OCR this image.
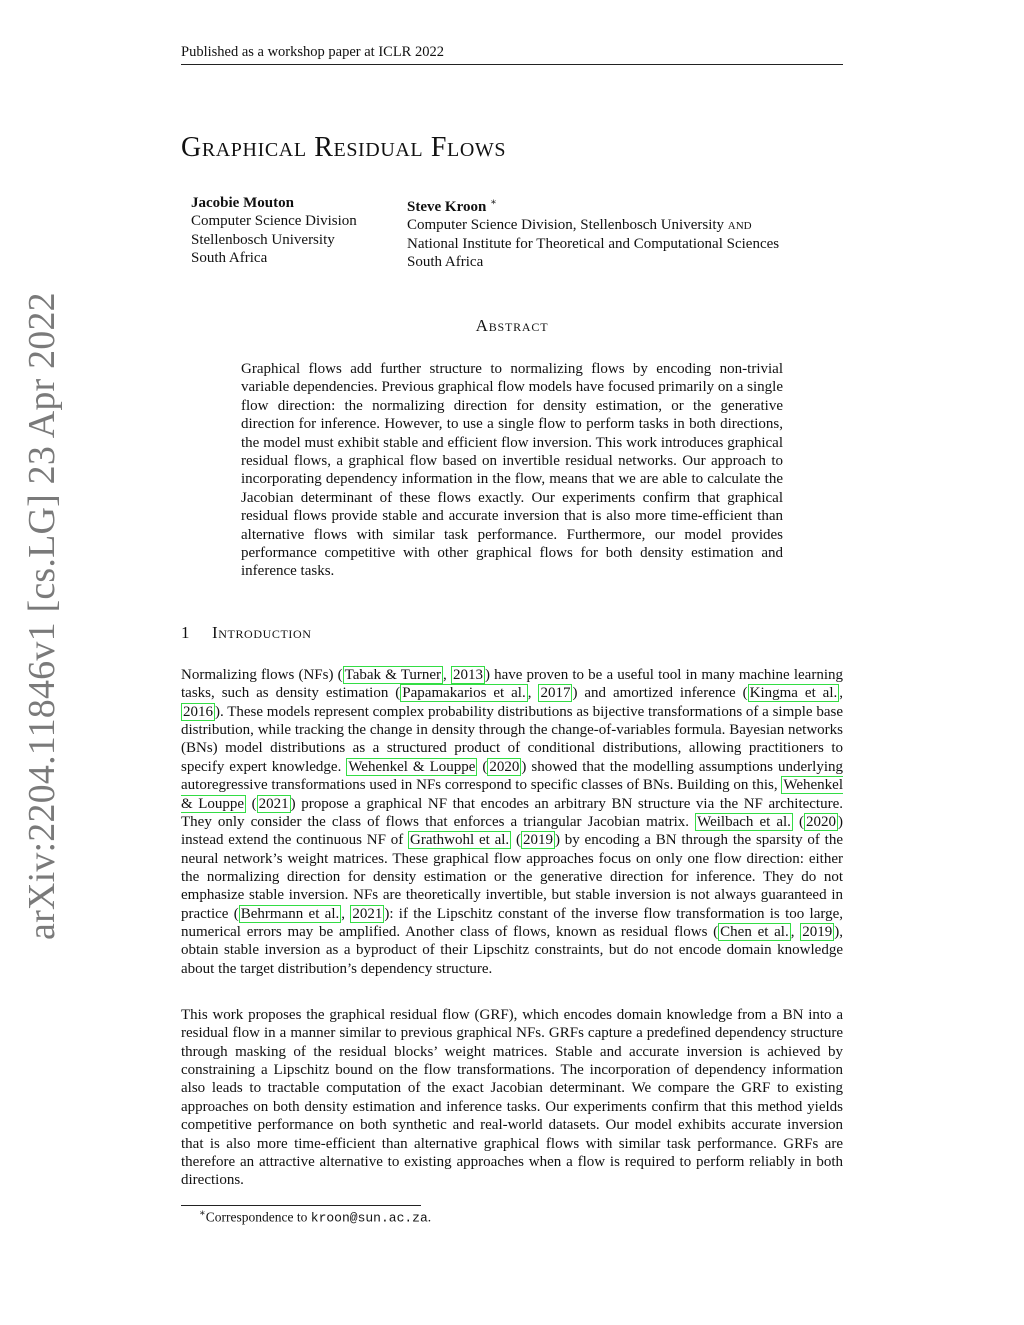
Published as a workshop paper at ICLR 2022
arXiv:2204.11846v1 [cs.LG] 23 Apr 2022
Graphical Residual Flows
Jacobie Mouton
Computer Science Division
Stellenbosch University
South Africa
Steve Kroon ∗
Computer Science Division, Stellenbosch University and
National Institute for Theoretical and Computational Sciences
South Africa
Abstract

Graphical flows add further structure to normalizing flows by encoding non-trivial variable dependencies. Previous graphical flow models have focused primarily on a single flow direction: the normalizing direction for density estimation, or the generative direction for inference. However, to use a single flow to perform tasks in both directions, the model must exhibit stable and efficient flow inversion. This work introduces graphical residual flows, a graphical flow based on invertible residual networks. Our approach to incorporating dependency information in the flow, means that we are able to calculate the Jacobian determinant of these flows exactly. Our experiments confirm that graphical residual flows provide stable and accurate inversion that is also more time-efficient than alternative flows with similar task performance. Furthermore, our model provides performance competitive with other graphical flows for both density estimation and inference tasks.

1 Introduction

Normalizing flows (NFs) ( Tabak & Turner , 2013 ) have proven to be a useful tool in many machine learning tasks, such as density estimation ( Papamakarios et al. , 2017 ) and amortized inference ( Kingma et al. , 2016 ). These models represent complex probability distributions as bijective transformations of a simple base distribution, while tracking the change in density through the change-of-variables formula. Bayesian networks (BNs) model distributions as a structured product of conditional distributions, allowing practitioners to specify expert knowledge. Wehenkel & Louppe ( 2020 ) showed that the modelling assumptions underlying autoregressive transformations used in NFs correspond to specific classes of BNs. Building on this, Wehenkel & Louppe ( 2021 ) propose a graphical NF that encodes an arbitrary BN structure via the NF architecture. They only consider the class of flows that enforces a triangular Jacobian matrix. Weilbach et al. ( 2020 ) instead extend the continuous NF of Grathwohl et al. ( 2019 ) by encoding a BN through the sparsity of the neural network’s weight matrices. These graphical flow approaches focus on only one flow direction: either the normalizing direction for density estimation or the generative direction for inference. They do not emphasize stable inversion. NFs are theoretically invertible, but stable inversion is not always guaranteed in practice ( Behrmann et al. , 2021 ): if the Lipschitz constant of the inverse flow transformation is too large, numerical errors may be amplified. Another class of flows, known as residual flows ( Chen et al. , 2019 ), obtain stable inversion as a byproduct of their Lipschitz constraints, but do not encode domain knowledge about the target distribution’s dependency structure.

This work proposes the graphical residual flow (GRF), which encodes domain knowledge from a BN into a residual flow in a manner similar to previous graphical NFs. GRFs capture a predefined dependency structure through masking of the residual blocks’ weight matrices. Stable and accurate inversion is achieved by constraining a Lipschitz bound on the flow transformations. The incorporation of dependency information also leads to tractable computation of the exact Jacobian determinant. We compare the GRF to existing approaches on both density estimation and inference tasks. Our experiments confirm that this method yields competitive performance on both synthetic and real-world datasets. Our model exhibits accurate inversion that is also more time-efficient than alternative graphical flows with similar task performance. GRFs are therefore an attractive alternative to existing approaches when a flow is required to perform reliably in both directions.

∗Correspondence to kroon@sun.ac.za.
